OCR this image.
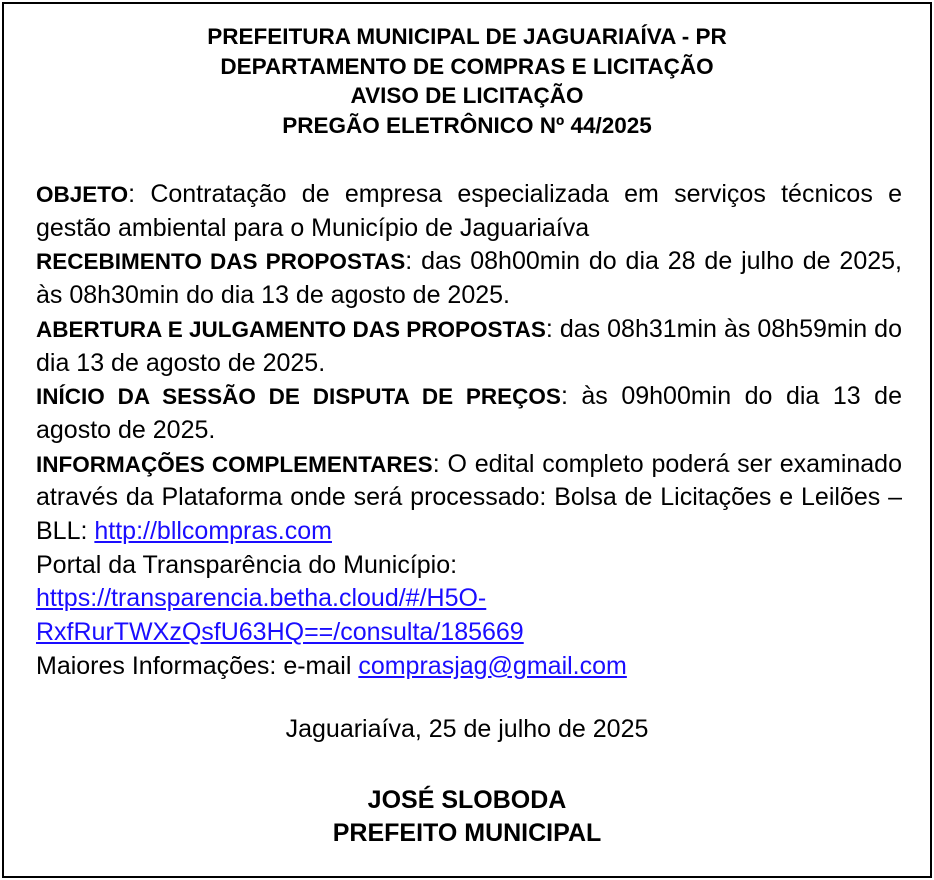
PREFEITURA MUNICIPAL DE JAGUARIAÍVA - PR
DEPARTAMENTO DE COMPRAS E LICITAÇÃO
AVISO DE LICITAÇÃO
PREGÃO ELETRÔNICO Nº 44/2025

OBJETO: Contratação de empresa especializada em serviços técnicos e gestão ambiental para o Município de Jaguariaíva

RECEBIMENTO DAS PROPOSTAS: das 08h00min do dia 28 de julho de 2025, às 08h30min do dia 13 de agosto de 2025.

ABERTURA E JULGAMENTO DAS PROPOSTAS: das 08h31min às 08h59min do dia 13 de agosto de 2025.

INÍCIO DA SESSÃO DE DISPUTA DE PREÇOS: às 09h00min do dia 13 de agosto de 2025.

INFORMAÇÕES COMPLEMENTARES: O edital completo poderá ser examinado através da Plataforma onde será processado: Bolsa de Licitações e Leilões – BLL: http://bllcompras.com

Portal da Transparência do Município:
https://transparencia.betha.cloud/#/H5O-
RxfRurTWXzQsfU63HQ==/consulta/185669

Maiores Informações: e-mail comprasjag@gmail.com

Jaguariaíva, 25 de julho de 2025
JOSÉ SLOBODA
PREFEITO MUNICIPAL
